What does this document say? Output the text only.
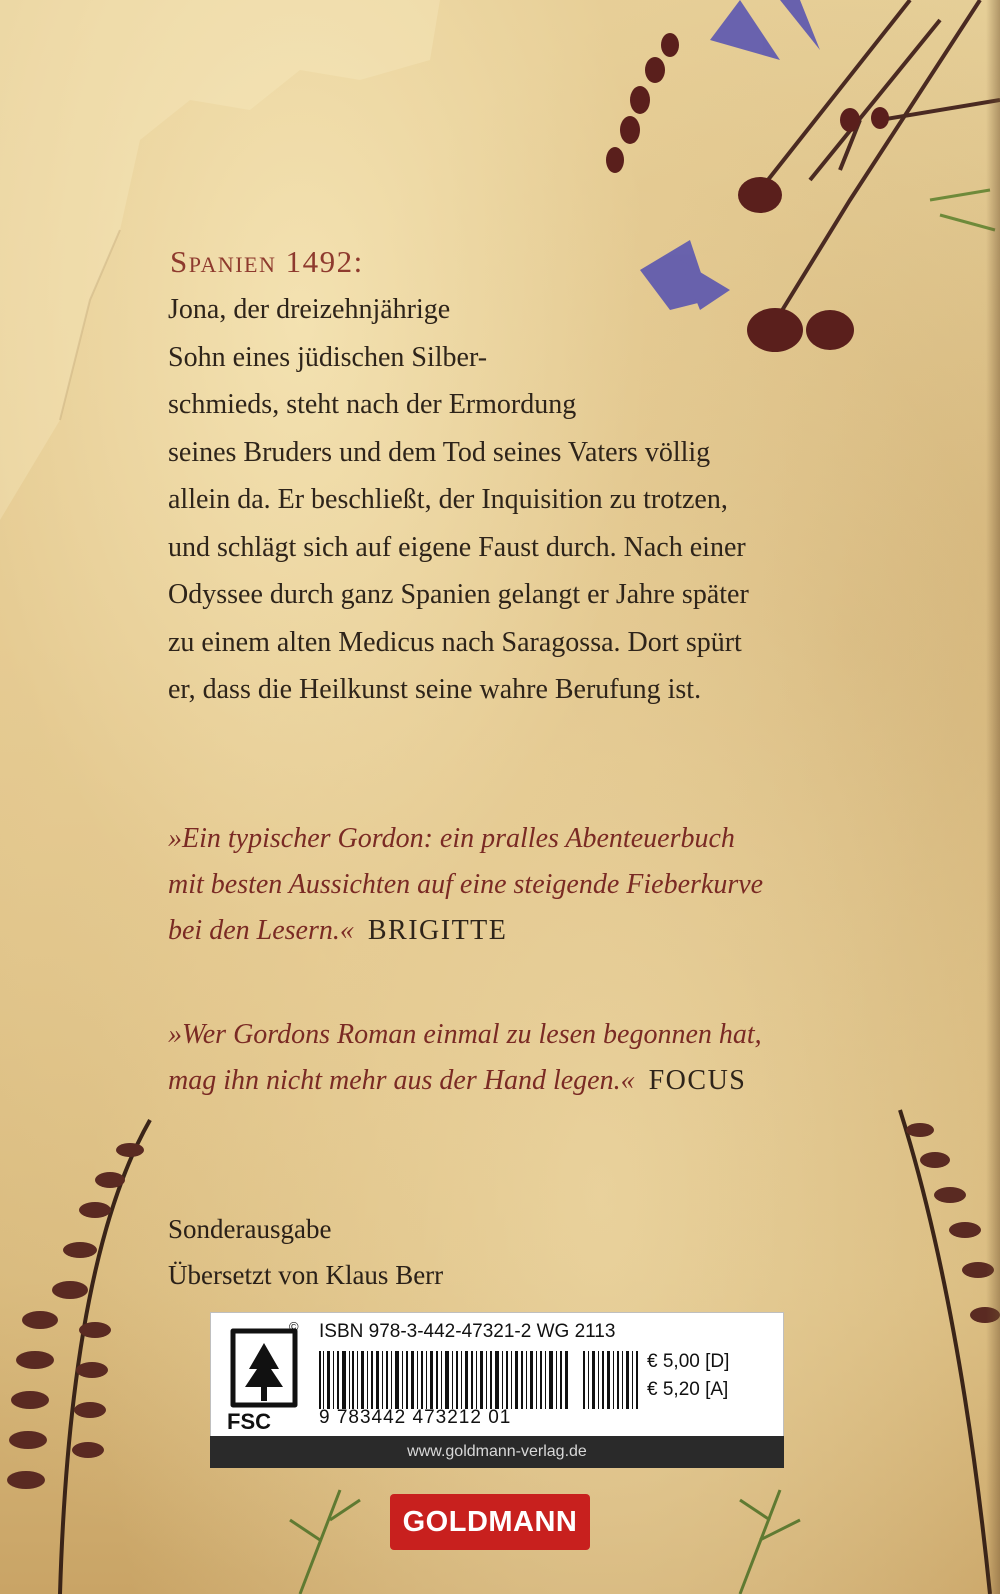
Spanien 1492:
Jona, der dreizehnjährige
Sohn eines jüdischen Silber-
schmieds, steht nach der Ermordung
seines Bruders und dem Tod seines Vaters völlig
allein da. Er beschließt, der Inquisition zu trotzen,
und schlägt sich auf eigene Faust durch. Nach einer
Odyssee durch ganz Spanien gelangt er Jahre später
zu einem alten Medicus nach Saragossa. Dort spürt
er, dass die Heilkunst seine wahre Berufung ist.
»Ein typischer Gordon: ein pralles Abenteuerbuch
mit besten Aussichten auf eine steigende Fieberkurve
bei den Lesern.« BRIGITTE
»Wer Gordons Roman einmal zu lesen begonnen hat,
mag ihn nicht mehr aus der Hand legen.« FOCUS
Sonderausgabe
Übersetzt von Klaus Berr
FSC
© ISBN 978-3-442-47321-2 WG 2113
9 783442 473212 01
€ 5,00 [D]
€ 5,20 [A]
www.goldmann-verlag.de
GOLDMANN
